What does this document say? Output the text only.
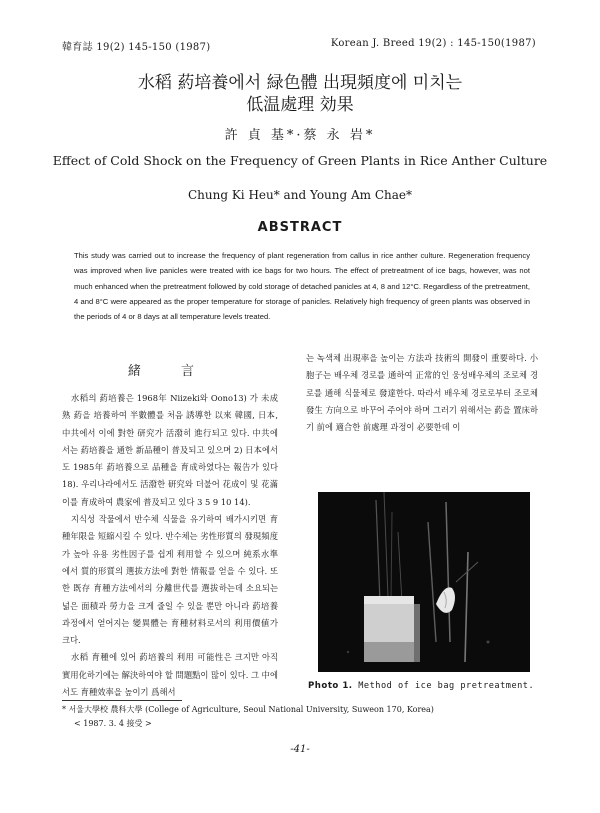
韓育誌 19(2) 145-150 (1987)	Korean J. Breed 19(2) : 145-150(1987)
水稻 葯培養에서 緑色體 出現頻度에 미치는
低温處理 効果
許 貞 基*·蔡 永 岩*
Effect of Cold Shock on the Frequency of Green Plants in Rice Anther Culture
Chung Ki Heu* and Young Am Chae*
ABSTRACT
This study was carried out to increase the frequency of plant regeneration from callus in rice anther culture. Regeneration frequency was improved when live panicles were treated with ice bags for two hours. The effect of pretreatment of ice bags, however, was not much enhanced when the pretreatment followed by cold storage of detached panicles at 4, 8 and 12°C. Regardless of the pretreatment, 4 and 8°C were appeared as the proper temperature for storage of panicles. Relatively high frequency of green plants was observed in the periods of 4 or 8 days at all temperature levels treated.
緒 言

水稻의 葯培養은 1968年 Niizeki와 Oono13) 가 未成熟 葯을 培養하여 半數體를 처음 誘導한 以來 韓國, 日本, 中共에서 이에 對한 研究가 活潑히 進行되고 있다. 中共에서는 葯培養을 通한 新品種이 普及되고 있으며 2) 日本에서도 1985年 葯培養으로 品種을 育成하였다는 報告가 있다 18). 우리나라에서도 活潑한 研究와 더불어 花成이 및 花滿이를 育成하여 農家에 普及되고 있다 3 5 9 10 14).

지식성 작물에서 반수체 식물을 유기하여 배가시키면 育種年限을 短縮시킬 수 있다. 반수체는 劣性形質의 發現頻度가 높아 유용 劣性因子를 쉽게 利用할 수 있으며 純系水準에서 質的形質의 選拔方法에 對한 情報를 얻을 수 있다. 또한 既存 育種方法에서의 分離世代를 選拔하는데 소요되는 넓은 面積과 勞力을 크게 줄일 수 있을 뿐만 아니라 葯培養 과정에서 얻어지는 變異體는 育種材料로서의 利用價値가 크다.

水稻 育種에 있어 葯培養의 利用 可能性은 크지만 아직 實用化하기에는 解決하여야 할 問題點이 많이 있다. 그 中에서도 育種效率을 높이기 爲해서

는 녹색체 出現率을 높이는 方法과 技術의 開發이 重要하다. 小胞子는 배우체 경로를 通하여 正常的인 웅성배우체의 조로체 경로를 通해 식물체로 發達한다. 따라서 배우체 경로로부터 조로체 發生 方向으로 바꾸어 주어야 하며 그러기 위해서는 葯을 置床하기 前에 適合한 前處理 과정이 必要한데 이
Photo 1. Method of ice bag pretreatment.
* 서울大學校 農科大學 (College of Agriculture, Seoul National University, Suweon 170, Korea)
< 1987. 3. 4 接受 >
-41-
